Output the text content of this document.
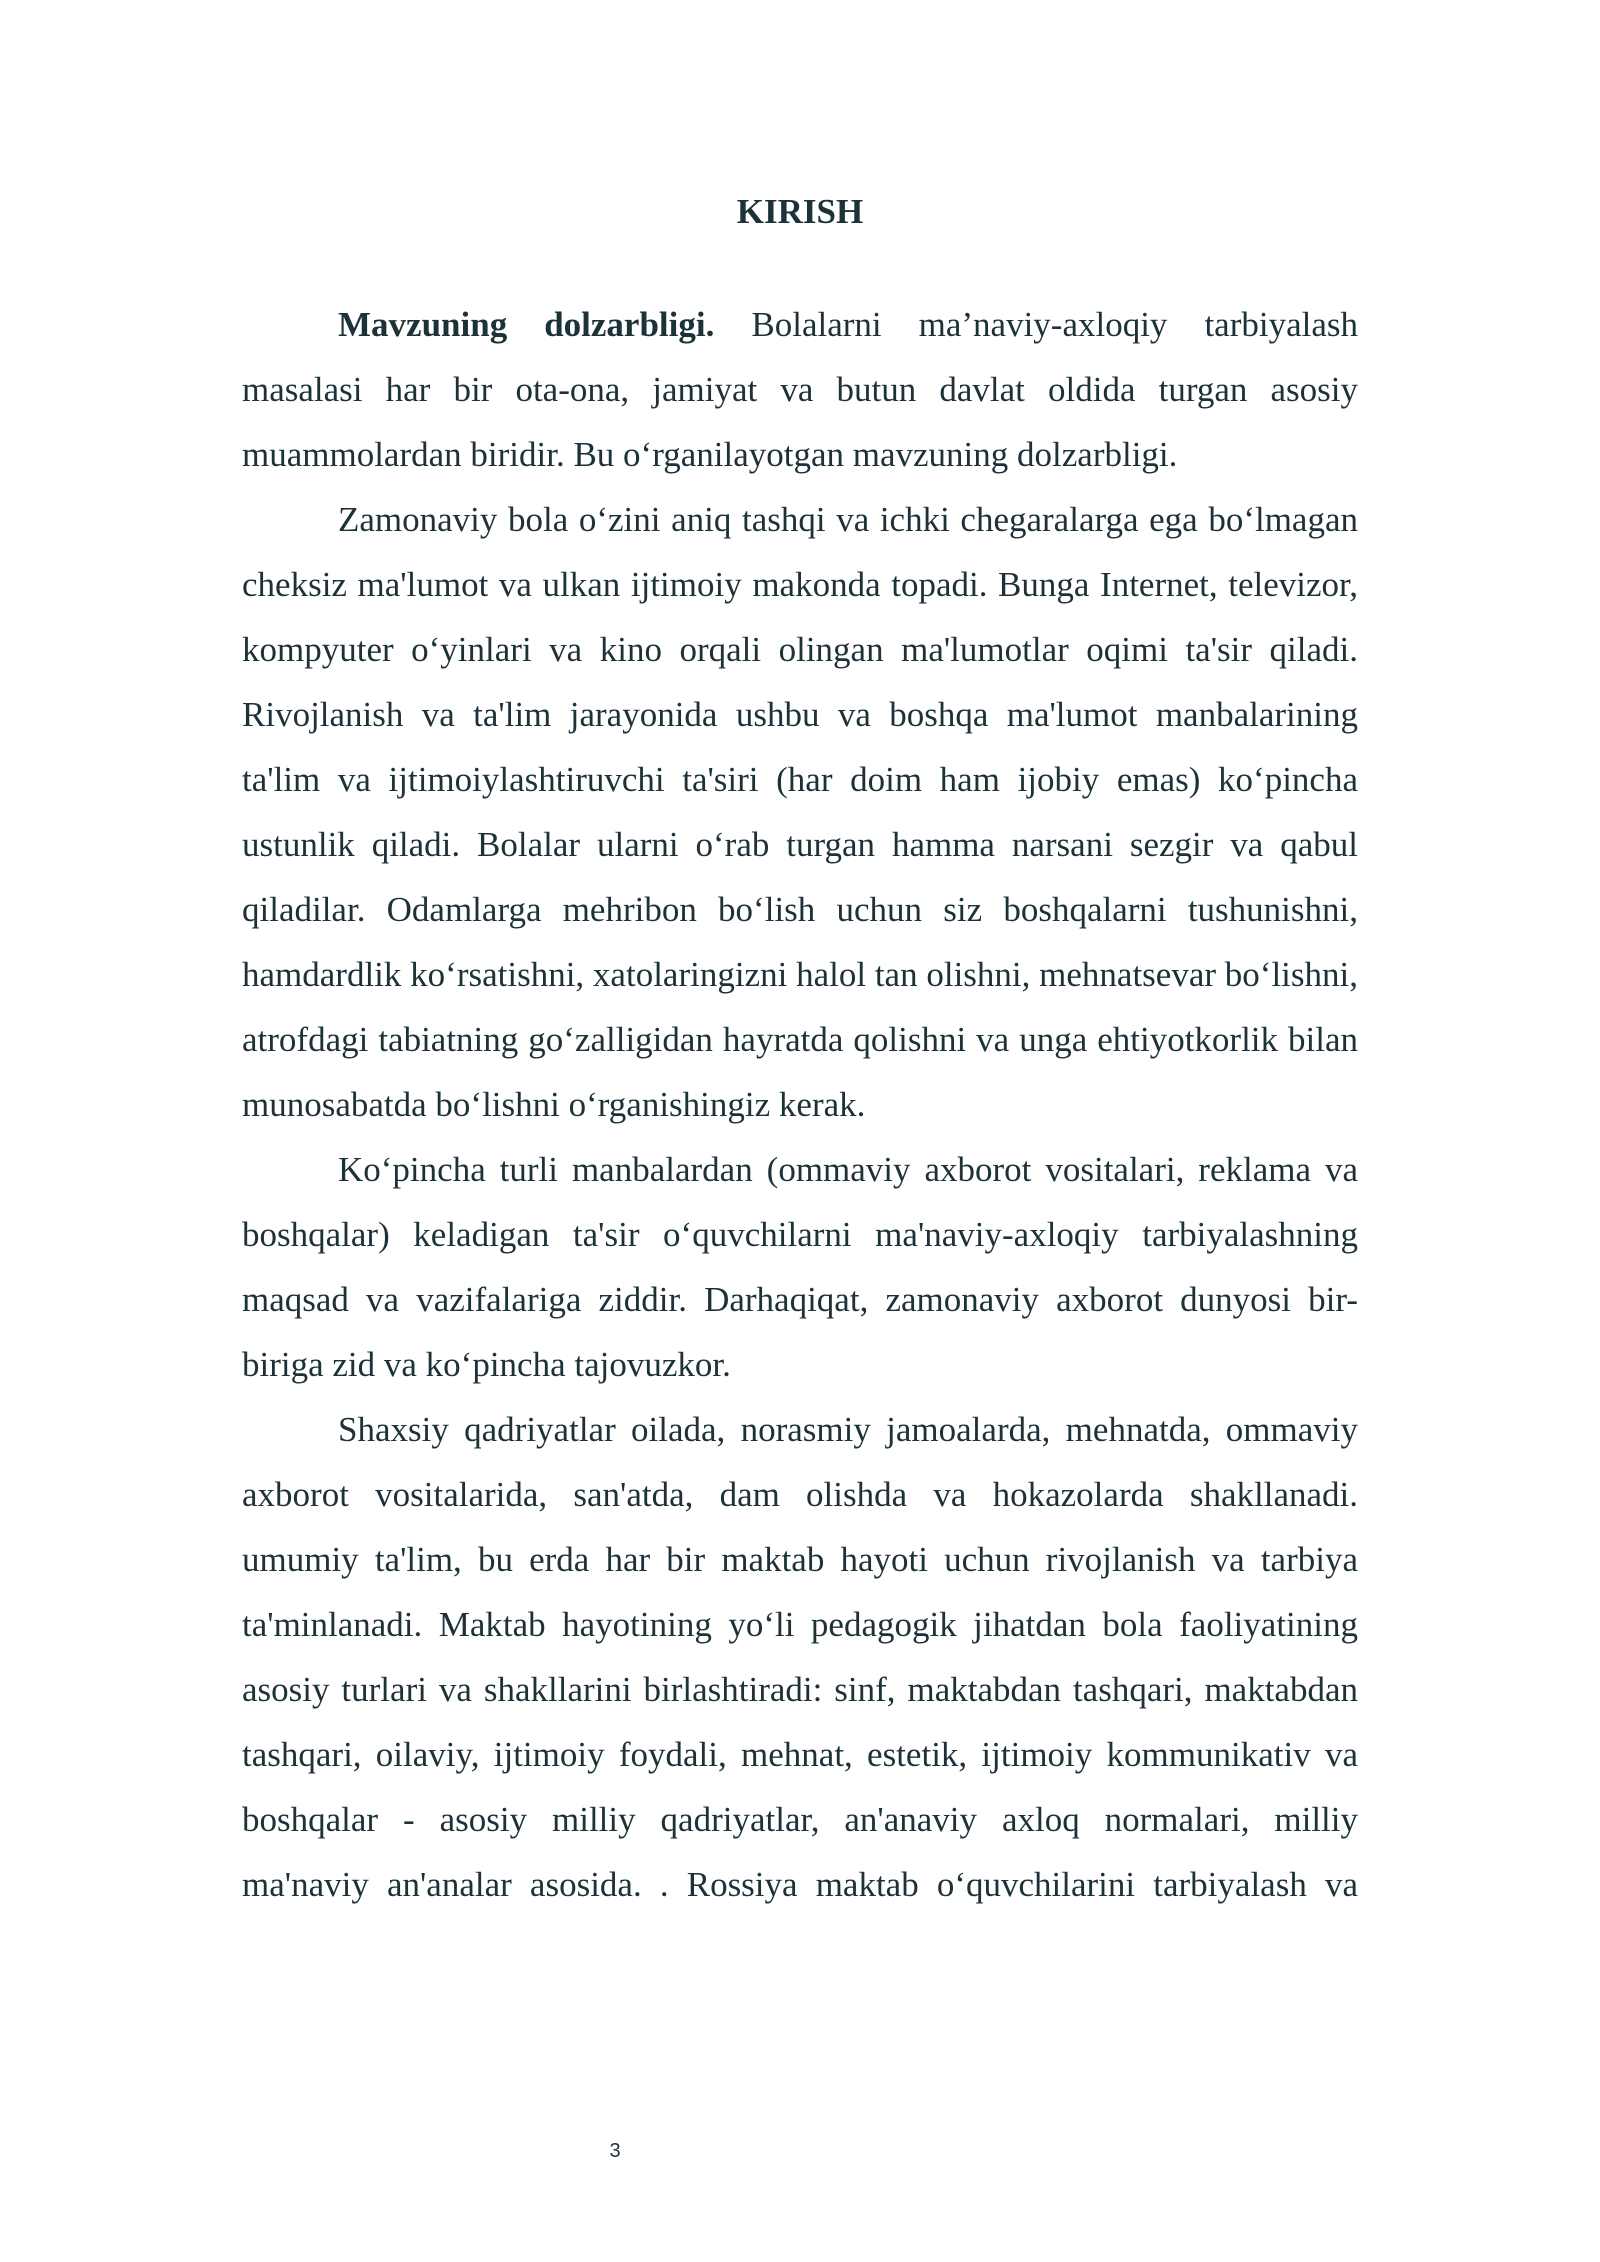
KIRISH

Mavzuning dolzarbligi. Bolalarni ma’naviy-axloqiy tarbiyalash masalasi har bir ota-ona, jamiyat va butun davlat oldida turgan asosiy muammolardan biridir. Bu o‘rganilayotgan mavzuning dolzarbligi.

Zamonaviy bola o‘zini aniq tashqi va ichki chegaralarga ega bo‘lmagan cheksiz ma'lumot va ulkan ijtimoiy makonda topadi. Bunga Internet, televizor, kompyuter o‘yinlari va kino orqali olingan ma'lumotlar oqimi ta'sir qiladi. Rivojlanish va ta'lim jarayonida ushbu va boshqa ma'lumot manbalarining ta'lim va ijtimoiylashtiruvchi ta'siri (har doim ham ijobiy emas) ko‘pincha ustunlik qiladi. Bolalar ularni o‘rab turgan hamma narsani sezgir va qabul qiladilar. Odamlarga mehribon bo‘lish uchun siz boshqalarni tushunishni, hamdardlik ko‘rsatishni, xatolaringizni halol tan olishni, mehnatsevar bo‘lishni, atrofdagi tabiatning go‘zalligidan hayratda qolishni va unga ehtiyotkorlik bilan munosabatda bo‘lishni o‘rganishingiz kerak.

Ko‘pincha turli manbalardan (ommaviy axborot vositalari, reklama va boshqalar) keladigan ta'sir o‘quvchilarni ma'naviy-axloqiy tarbiyalashning maqsad va vazifalariga ziddir. Darhaqiqat, zamonaviy axborot dunyosi bir-biriga zid va ko‘pincha tajovuzkor.

Shaxsiy qadriyatlar oilada, norasmiy jamoalarda, mehnatda, ommaviy axborot vositalarida, san'atda, dam olishda va hokazolarda shakllanadi. umumiy ta'lim, bu erda har bir maktab hayoti uchun rivojlanish va tarbiya ta'minlanadi. Maktab hayotining yo‘li pedagogik jihatdan bola faoliyatining asosiy turlari va shakllarini birlashtiradi: sinf, maktabdan tashqari, maktabdan tashqari, oilaviy, ijtimoiy foydali, mehnat, estetik, ijtimoiy kommunikativ va boshqalar - asosiy milliy qadriyatlar, an'anaviy axloq normalari, milliy ma'naviy an'analar asosida. . Rossiya maktab o‘quvchilarini tarbiyalash va

3
